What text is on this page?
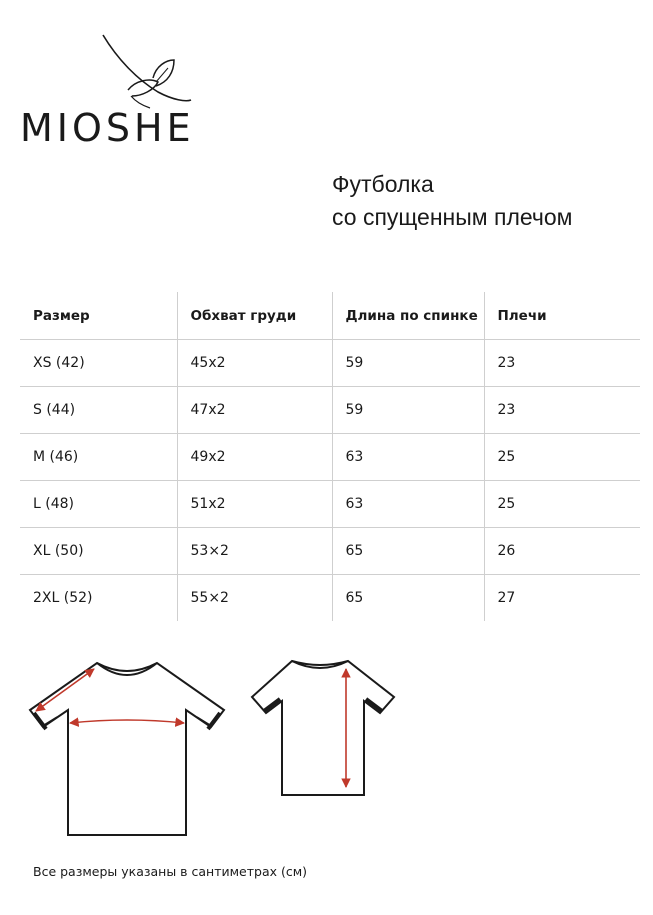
MIOSHE
Футболка
со спущенным плечом
Размер	Обхват груди	Длина по спинке	Плечи
XS (42)	45x2	59	23
S (44)	47x2	59	23
M (46)	49x2	63	25
L (48)	51x2	63	25
XL (50)	53×2	65	26
2XL (52)	55×2	65	27
Все размеры указаны в сантиметрах (см)
